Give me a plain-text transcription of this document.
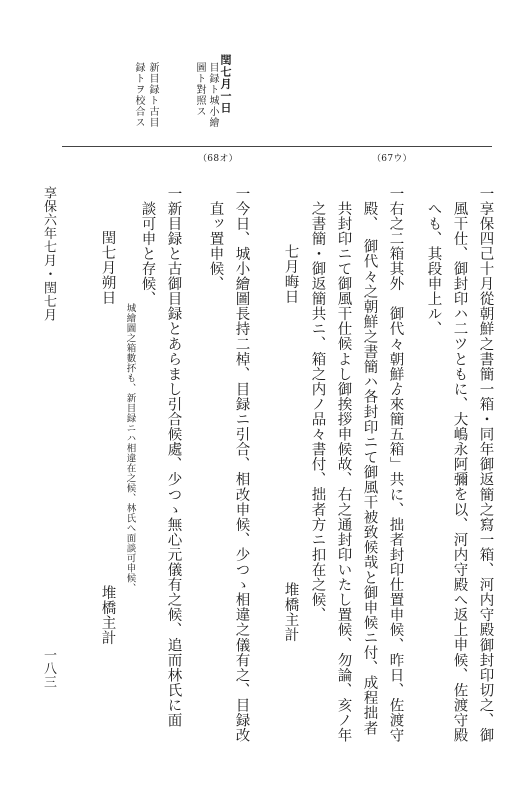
閏七月一日
目録ト城小繪
圖ト對照ス
新目録ト古目
録トヲ校合ス
（67ウ）
（68オ）
一享保四己十月從朝鮮之書簡一箱・同年御返簡之寫一箱、河内守殿御封印切之、御
風干仕、御封印ハ二ツともに、大嶋永阿彌を以、河内守殿へ返上申候、佐渡守殿
へも、其段申上ル、
一右之二箱其外　御代々朝鮮ゟ來簡五箱」共に、拙者封印仕置申候、昨日、佐渡守
殿、　御代々之朝鮮之書簡ハ各封印ニて御風干被致候哉と御申候ニ付、成程拙者
共封印ニて御風干仕候よし御挨拶申候故、右之通封印いたし置候、勿論、亥ノ年
之書簡・御返簡共ニ、箱之内ノ品々書付、拙者方ニ扣在之候、
七月晦日
堆橋主計
一今日、城小繪圖長持二棹、目録ニ引合、相改申候、少つゝ相違之儀有之、目録改
直ッ置申候、
一新目録と古御目録とあらまし引合候處、少つゝ無心元儀有之候、追而林氏に面
談可申と存候、
城繪圖之箱數抔も、新目録ニハ相違在之候、林氏へ面談可申候、
閏七月朔日
堆橋主計
享保六年七月・閏七月
一八三
